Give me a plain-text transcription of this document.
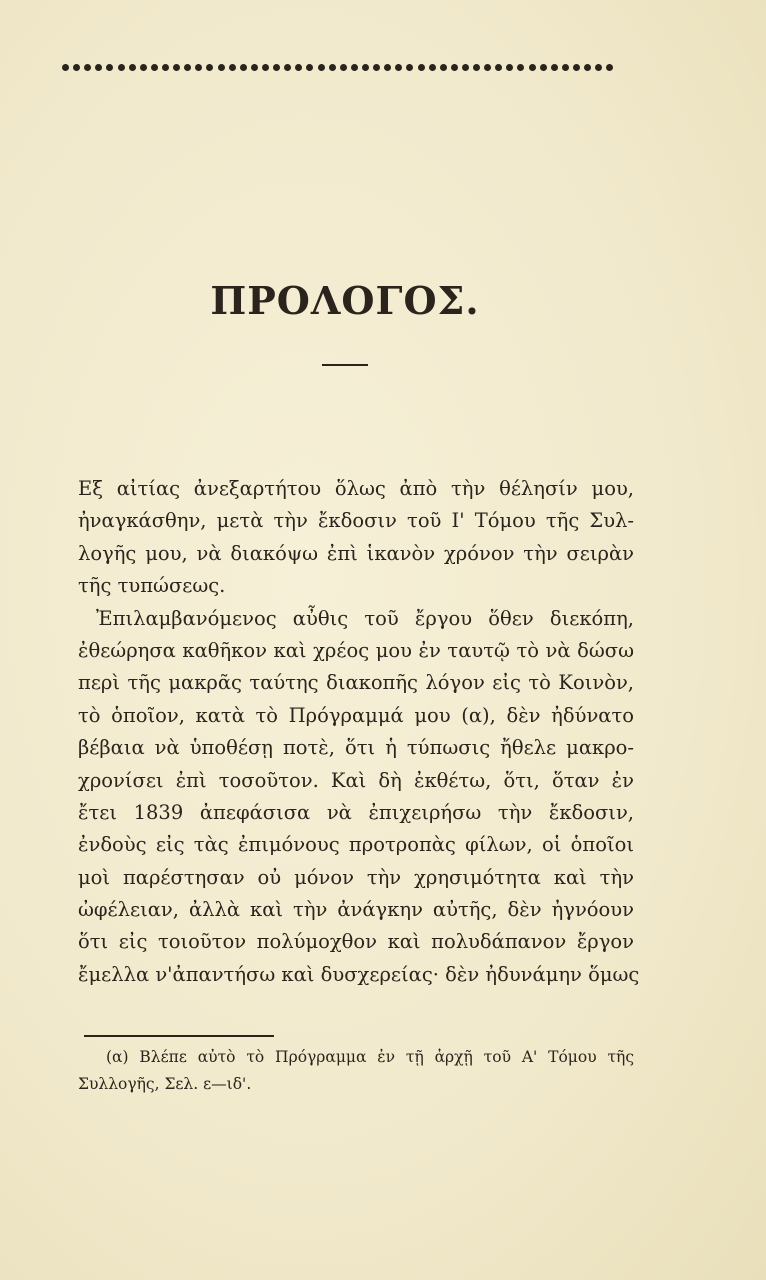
ΠΡΟΛΟΓΟΣ.
Εξ αἰτίας ἀνεξαρτήτου ὅλως ἀπὸ τὴν θέλησίν μου,
ἠναγκάσθην, μετὰ τὴν ἔκδοσιν τοῦ Ι' Τόμου τῆς Συλ-
λογῆς μου, νὰ διακόψω ἐπὶ ἱκανὸν χρόνον τὴν σειρὰν
τῆς τυπώσεως.
Ἐπιλαμβανόμενος αὖθις τοῦ ἔργου ὅθεν διεκόπη,
ἐθεώρησα καθῆκον καὶ χρέος μου ἐν ταυτῷ τὸ νὰ δώσω
περὶ τῆς μακρᾶς ταύτης διακοπῆς λόγον εἰς τὸ Κοινὸν,
τὸ ὁποῖον, κατὰ τὸ Πρόγραμμά μου (α), δὲν ἠδύνατο
βέβαια νὰ ὑποθέσῃ ποτὲ, ὅτι ἡ τύπωσις ἤθελε μακρο-
χρονίσει ἐπὶ τοσοῦτον. Καὶ δὴ ἐκθέτω, ὅτι, ὅταν ἐν
ἔτει 1839 ἀπεφάσισα νὰ ἐπιχειρήσω τὴν ἔκδοσιν,
ἐνδοὺς εἰς τὰς ἐπιμόνους προτροπὰς φίλων, οἱ ὁποῖοι
μοὶ παρέστησαν οὐ μόνον τὴν χρησιμότητα καὶ τὴν
ὠφέλειαν, ἀλλὰ καὶ τὴν ἀνάγκην αὐτῆς, δὲν ἠγνόουν
ὅτι εἰς τοιοῦτον πολύμοχθον καὶ πολυδάπανον ἔργον
ἔμελλα ν'ἀπαντήσω καὶ δυσχερείας· δὲν ἠδυνάμην ὅμως
(α) Βλέπε αὐτὸ τὸ Πρόγραμμα ἐν τῇ ἀρχῇ τοῦ Α' Τόμου τῆς
Συλλογῆς, Σελ. ε—ιδ'.
